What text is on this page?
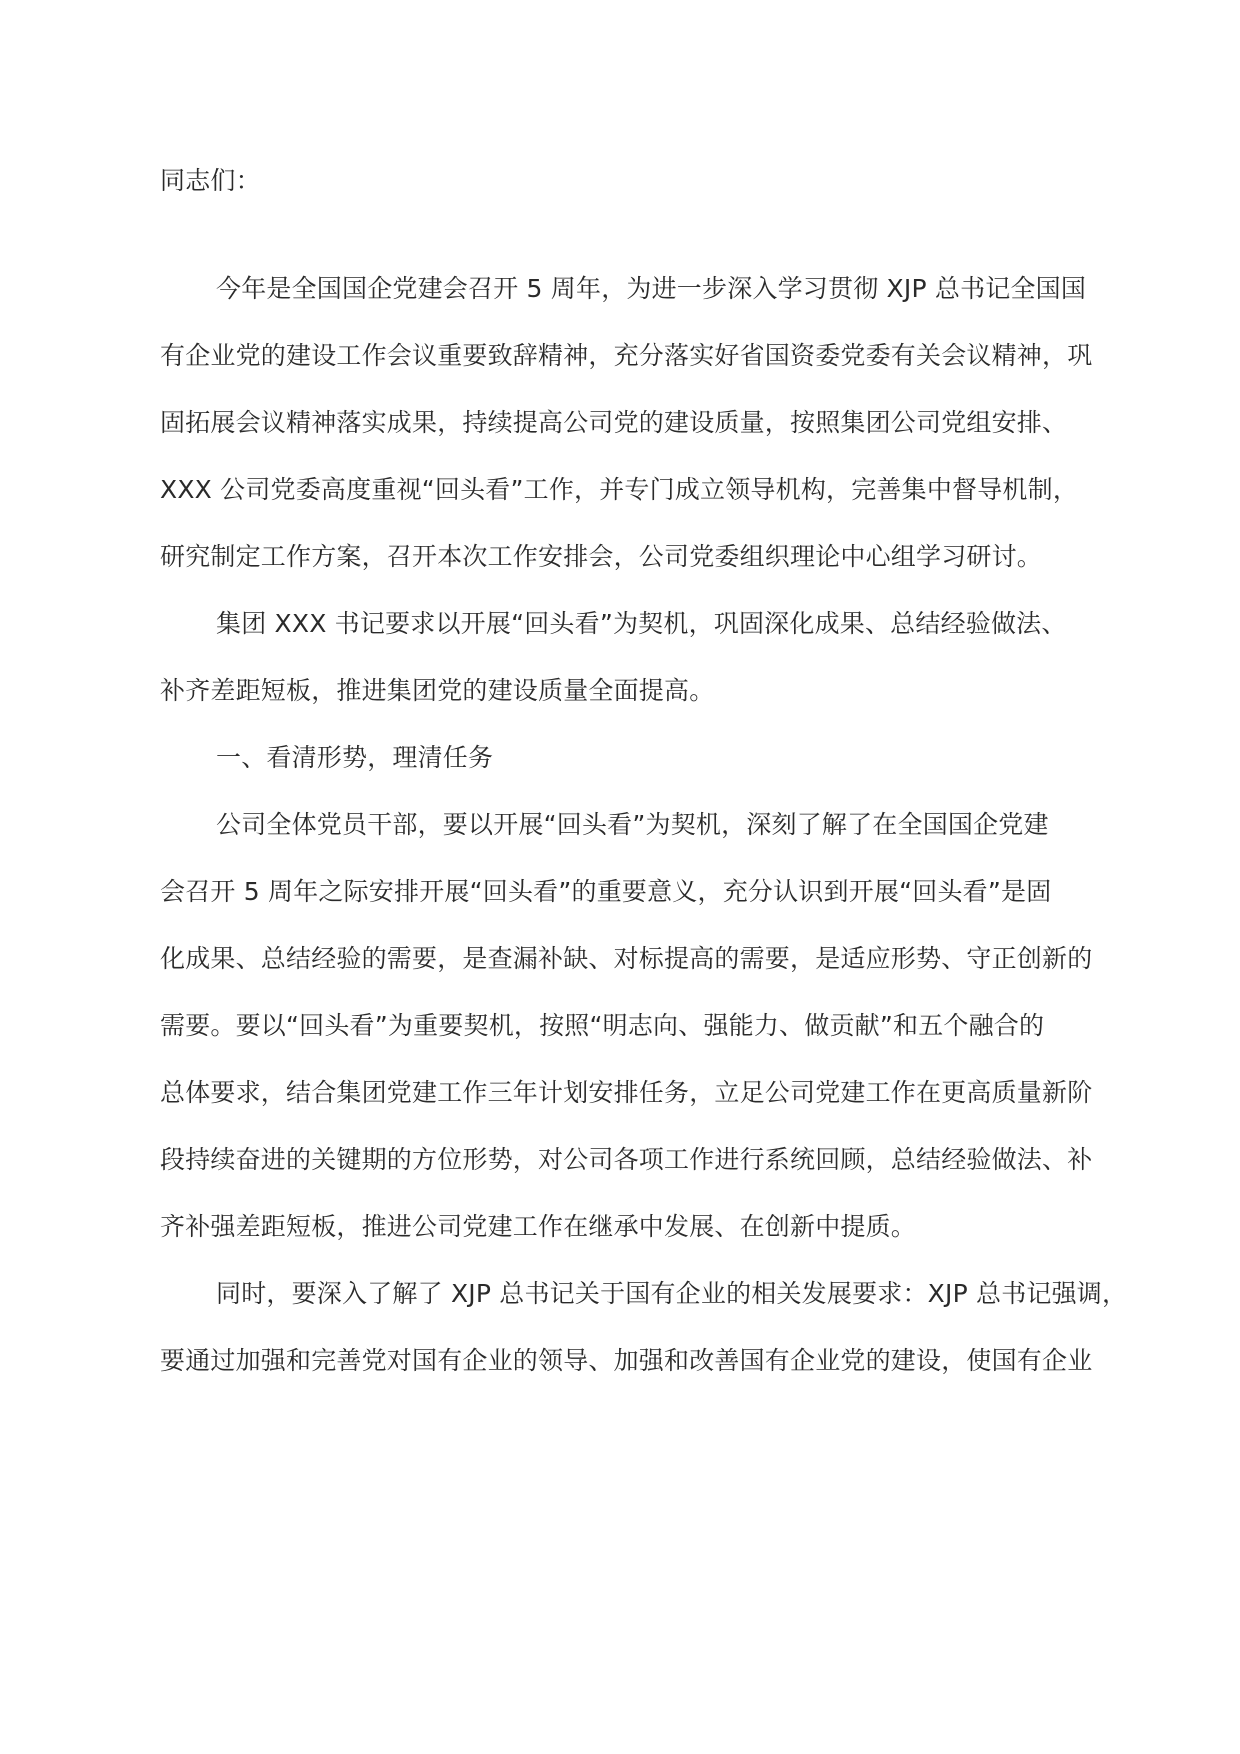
同志们：
今年是全国国企党建会召开 5 周年，为进一步深入学习贯彻 XJP 总书记全国国
有企业党的建设工作会议重要致辞精神，充分落实好省国资委党委有关会议精神，巩
固拓展会议精神落实成果，持续提高公司党的建设质量，按照集团公司党组安排、
XXX 公司党委高度重视“回头看”工作，并专门成立领导机构，完善集中督导机制，
研究制定工作方案，召开本次工作安排会，公司党委组织理论中心组学习研讨。
集团 XXX 书记要求以开展“回头看”为契机，巩固深化成果、总结经验做法、
补齐差距短板，推进集团党的建设质量全面提高。
一、看清形势，理清任务
公司全体党员干部，要以开展“回头看”为契机，深刻了解了在全国国企党建
会召开 5 周年之际安排开展“回头看”的重要意义，充分认识到开展“回头看”是固
化成果、总结经验的需要，是查漏补缺、对标提高的需要，是适应形势、守正创新的
需要。要以“回头看”为重要契机，按照“明志向、强能力、做贡献”和五个融合的
总体要求，结合集团党建工作三年计划安排任务，立足公司党建工作在更高质量新阶
段持续奋进的关键期的方位形势，对公司各项工作进行系统回顾，总结经验做法、补
齐补强差距短板，推进公司党建工作在继承中发展、在创新中提质。
同时，要深入了解了 XJP 总书记关于国有企业的相关发展要求：XJP 总书记强调，
要通过加强和完善党对国有企业的领导、加强和改善国有企业党的建设，使国有企业
